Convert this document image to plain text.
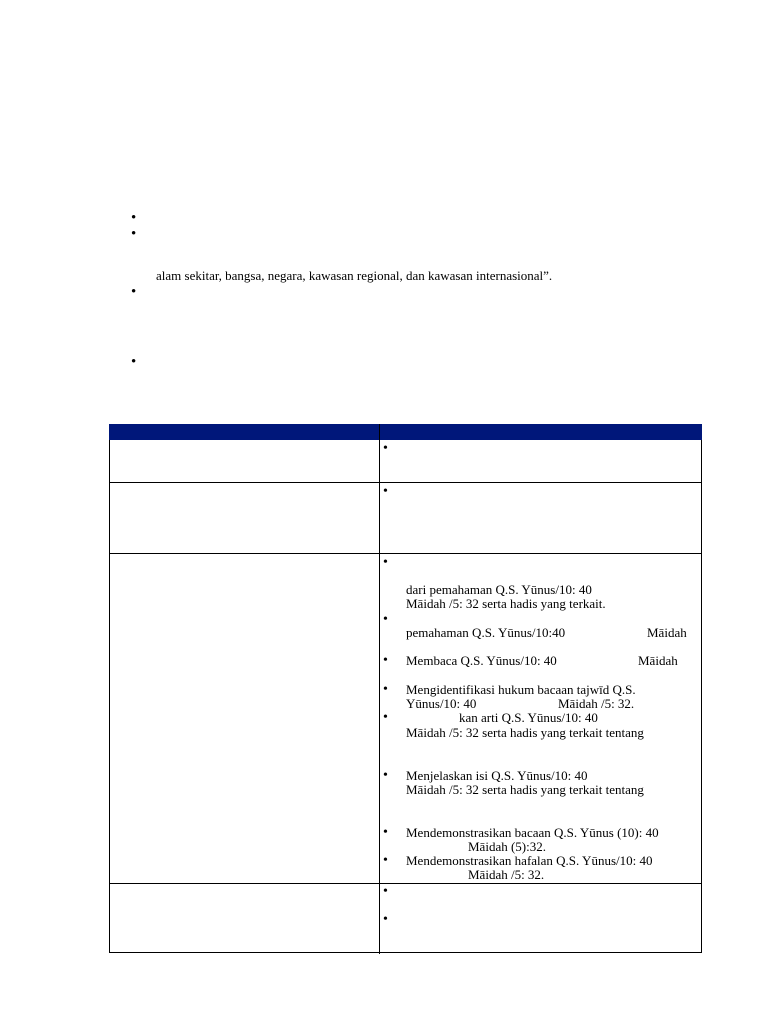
•
•
alam sekitar, bangsa, negara, kawasan regional, dan kawasan internasional”.
•
•
•
•
•
dari pemahaman Q.S. Yūnus/10: 40
Māidah /5: 32 serta hadis yang terkait.
•
pemahaman Q.S. Yūnus/10:40	Māidah
• Membaca Q.S. Yūnus/10: 40	Māidah
• Mengidentifikasi hukum bacaan tajwīd Q.S.
Yūnus/10: 40	Māidah /5: 32.
•	kan arti Q.S. Yūnus/10: 40
Māidah /5: 32 serta hadis yang terkait tentang
• Menjelaskan isi Q.S. Yūnus/10: 40
Māidah /5: 32 serta hadis yang terkait tentang
• Mendemonstrasikan bacaan Q.S. Yūnus (10): 40
Māidah (5):32.
• Mendemonstrasikan hafalan Q.S. Yūnus/10: 40
Māidah /5: 32.
•
•
